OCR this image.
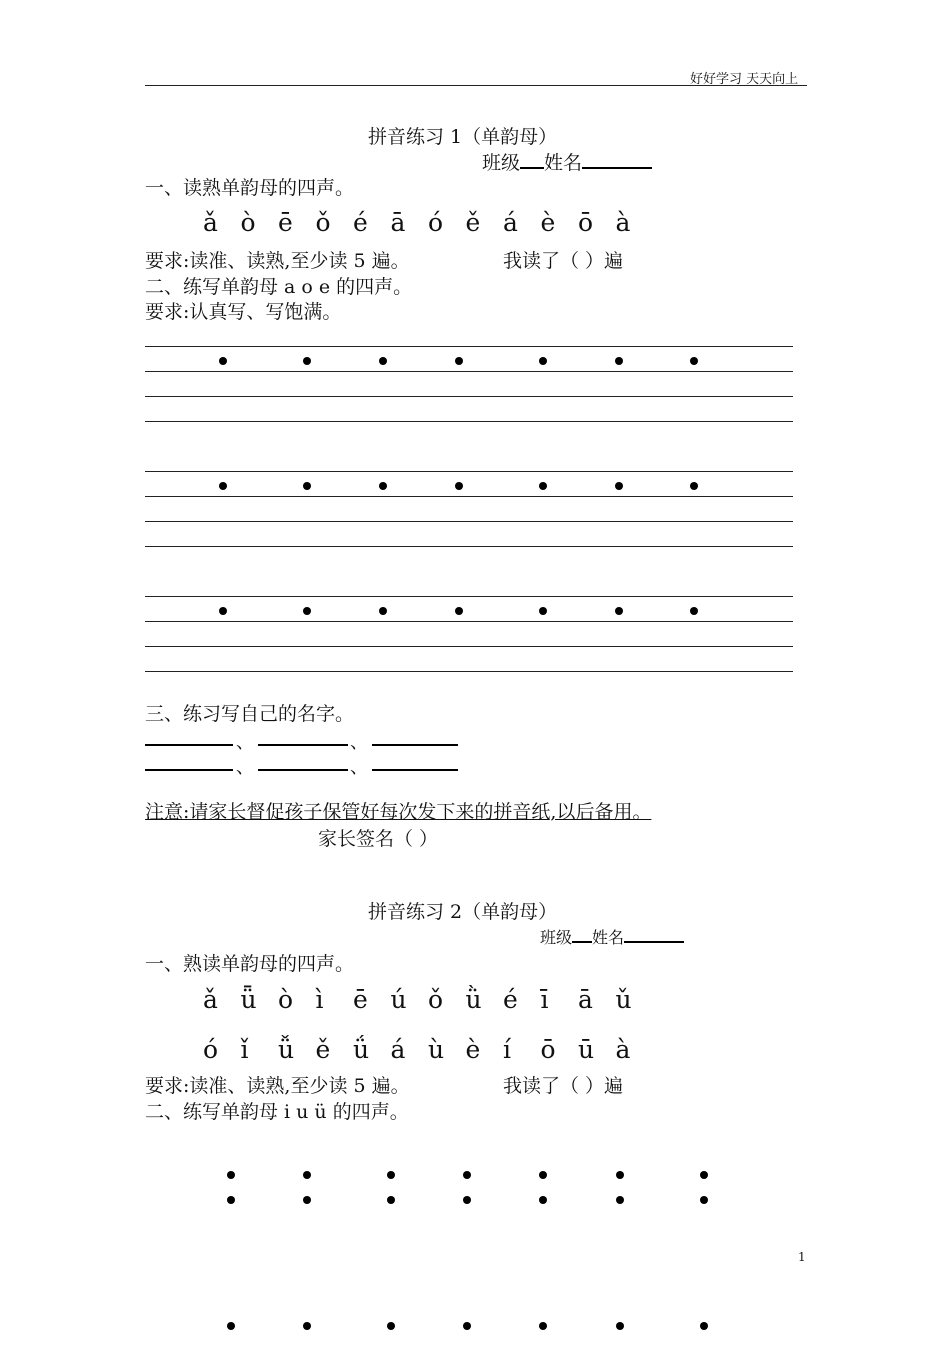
好好学习 天天向上
拼音练习 1（单韵母）
班级 姓名
一、读熟单韵母的四声。
ǎ ò ē ǒ é ā ó ě á è ō à
要求:读准、读熟,至少读 5 遍。	我读了（ ）遍
二、练写单韵母 a o e 的四声。
要求:认真写、写饱满。
三、练习写自己的名字。
、	、
、	、
注意:请家长督促孩子保管好每次发下来的拼音纸,以后备用。
家长签名（ ）
拼音练习 2（单韵母）
班级 姓名
一、熟读单韵母的四声。
ǎ ǖ ò ì ē ú ǒ ǜ é ī ā ǔ
ó ǐ ǚ ě ǘ á ù è í ō ū à
要求:读准、读熟,至少读 5 遍。	我读了（ ）遍
二、练写单韵母 i u ü 的四声。
1
